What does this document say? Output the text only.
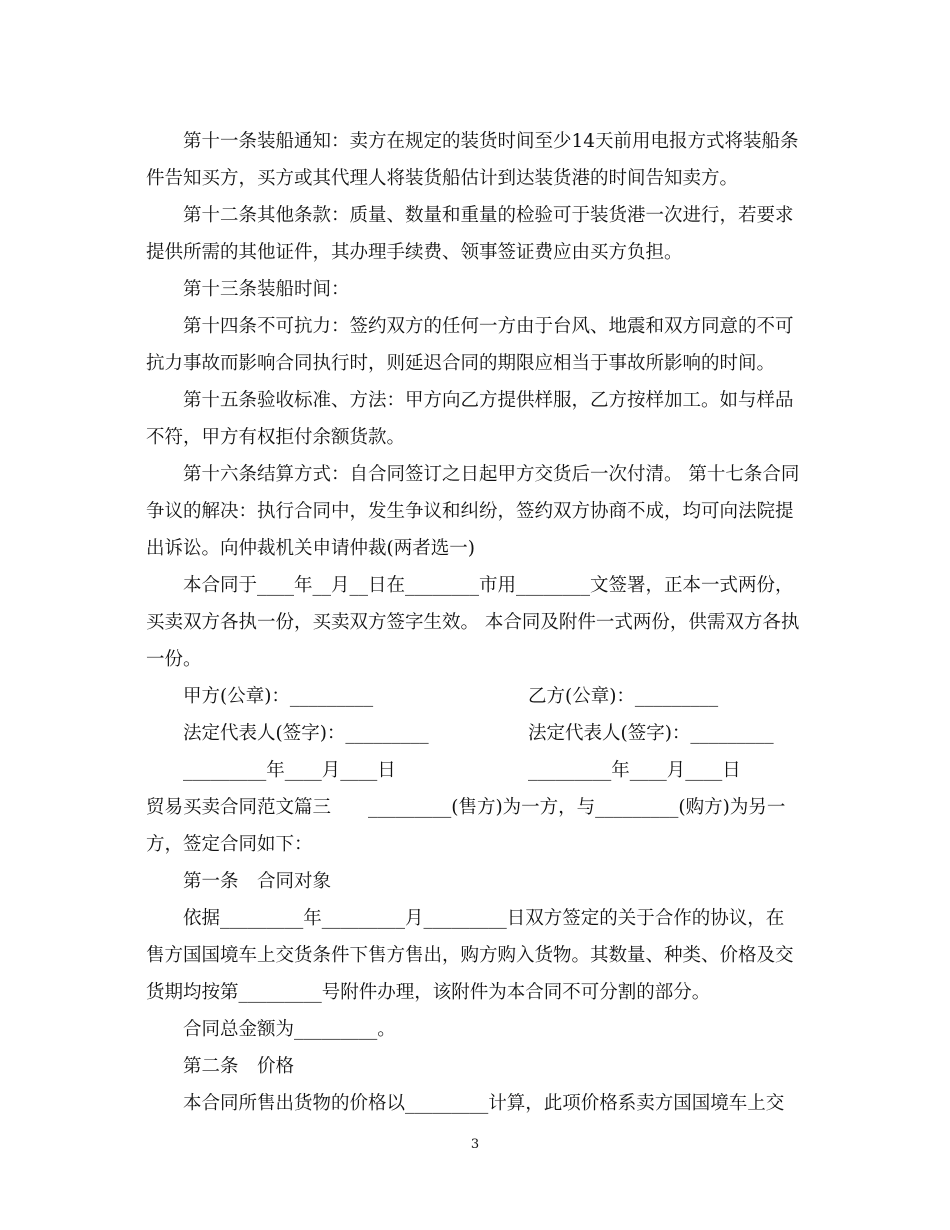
　　第十一条装船通知：卖方在规定的装货时间至少14天前用电报方式将装船条
件告知买方，买方或其代理人将装货船估计到达装货港的时间告知卖方。
　　第十二条其他条款：质量、数量和重量的检验可于装货港一次进行，若要求
提供所需的其他证件，其办理手续费、领事签证费应由买方负担。
　　第十三条装船时间：
　　第十四条不可抗力：签约双方的任何一方由于台风、地震和双方同意的不可
抗力事故而影响合同执行时，则延迟合同的期限应相当于事故所影响的时间。
　　第十五条验收标准、方法：甲方向乙方提供样服，乙方按样加工。如与样品
不符，甲方有权拒付余额货款。
　　第十六条结算方式：自合同签订之日起甲方交货后一次付清。 第十七条合同
争议的解决：执行合同中，发生争议和纠纷，签约双方协商不成，均可向法院提
出诉讼。向仲裁机关申请仲裁(两者选一)
　　本合同于____年__月__日在________市用________文签署，正本一式两份，
买卖双方各执一份，买卖双方签字生效。 本合同及附件一式两份，供需双方各执
一份。
甲方(公章)：_________
法定代表人(签字)：_________
_________年____月____日
乙方(公章)：_________
法定代表人(签字)：_________
_________年____月____日
贸易买卖合同范文篇三　　_________(售方)为一方，与_________(购方)为另一
方，签定合同如下：
　　第一条　合同对象
　　依据_________年_________月_________日双方签定的关于合作的协议，在
售方国国境车上交货条件下售方售出，购方购入货物。其数量、种类、价格及交
货期均按第_________号附件办理，该附件为本合同不可分割的部分。
　　合同总金额为_________。
　　第二条　价格
　　本合同所售出货物的价格以_________计算，此项价格系卖方国国境车上交
3
